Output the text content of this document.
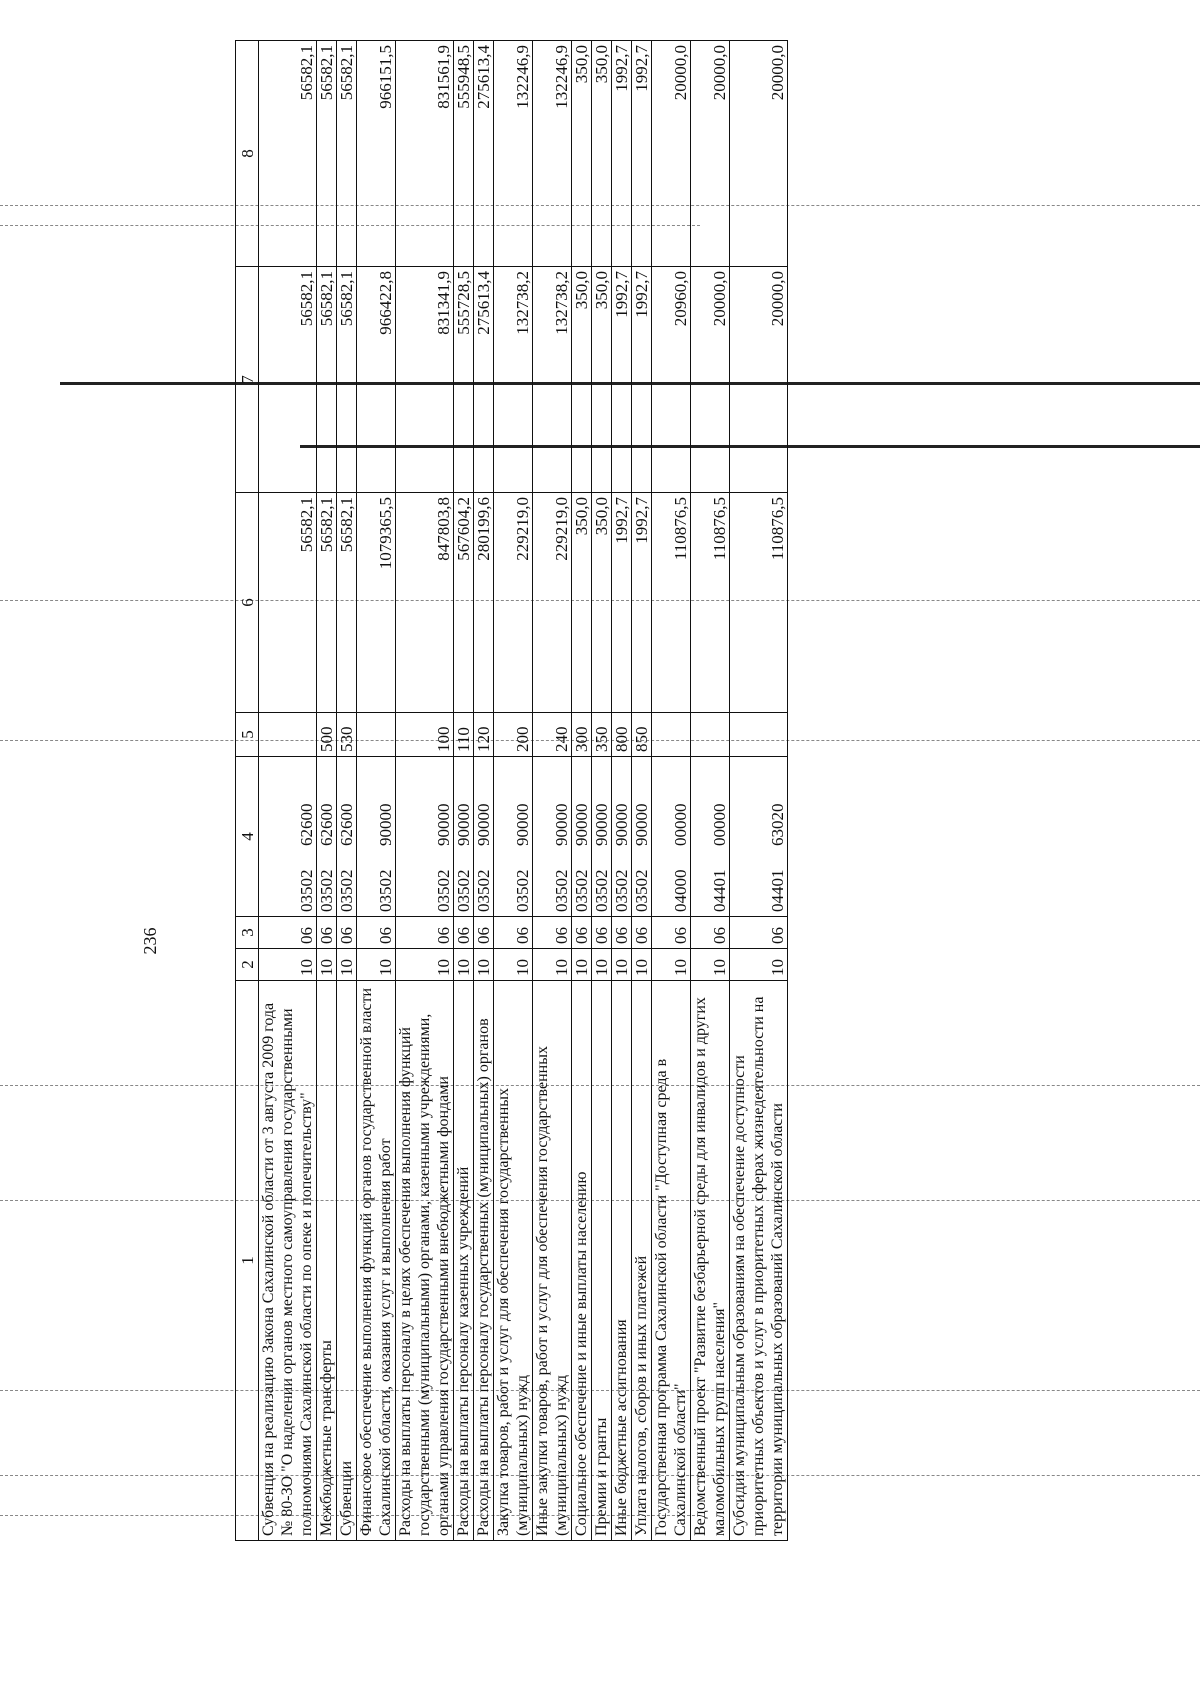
236
1	2	3	4	5	6	7	8
Субвенция на реализацию Закона Сахалинской области от 3 августа 2009 года № 80-ЗО "О наделении органов местного самоуправления государственными полномочиями Сахалинской области по опеке и попечительству"	10	06	0350262600		56582,1	56582,1	56582,1
Межбюджетные трансферты	10	06	0350262600	500	56582,1	56582,1	56582,1
Субвенции	10	06	0350262600	530	56582,1	56582,1	56582,1
Финансовое обеспечение выполнения функций органов государственной власти Сахалинской области, оказания услуг и выполнения работ	10	06	0350290000		1079365,5	966422,8	966151,5
Расходы на выплаты персоналу в целях обеспечения выполнения функций государственными (муниципальными) органами, казенными учреждениями, органами управления государственными внебюджетными фондами	10	06	0350290000	100	847803,8	831341,9	831561,9
Расходы на выплаты персоналу казенных учреждений	10	06	0350290000	110	567604,2	555728,5	555948,5
Расходы на выплаты персоналу государственных (муниципальных) органов	10	06	0350290000	120	280199,6	275613,4	275613,4
Закупка товаров, работ и услуг для обеспечения государственных (муниципальных) нужд	10	06	0350290000	200	229219,0	132738,2	132246,9
Иные закупки товаров, работ и услуг для обеспечения государственных (муниципальных) нужд	10	06	0350290000	240	229219,0	132738,2	132246,9
Социальное обеспечение и иные выплаты населению	10	06	0350290000	300	350,0	350,0	350,0
Премии и гранты	10	06	0350290000	350	350,0	350,0	350,0
Иные бюджетные ассигнования	10	06	0350290000	800	1992,7	1992,7	1992,7
Уплата налогов, сборов и иных платежей	10	06	0350290000	850	1992,7	1992,7	1992,7
Государственная программа Сахалинской области "Доступная среда в Сахалинской области"	10	06	0400000000		110876,5	20960,0	20000,0
Ведомственный проект "Развитие безбарьерной среды для инвалидов и других маломобильных групп населения"	10	06	0440100000		110876,5	20000,0	20000,0
Субсидия муниципальным образованиям на обеспечение доступности приоритетных объектов и услуг в приоритетных сферах жизнедеятельности на территории муниципальных образований Сахалинской области	10	06	0440163020		110876,5	20000,0	20000,0
